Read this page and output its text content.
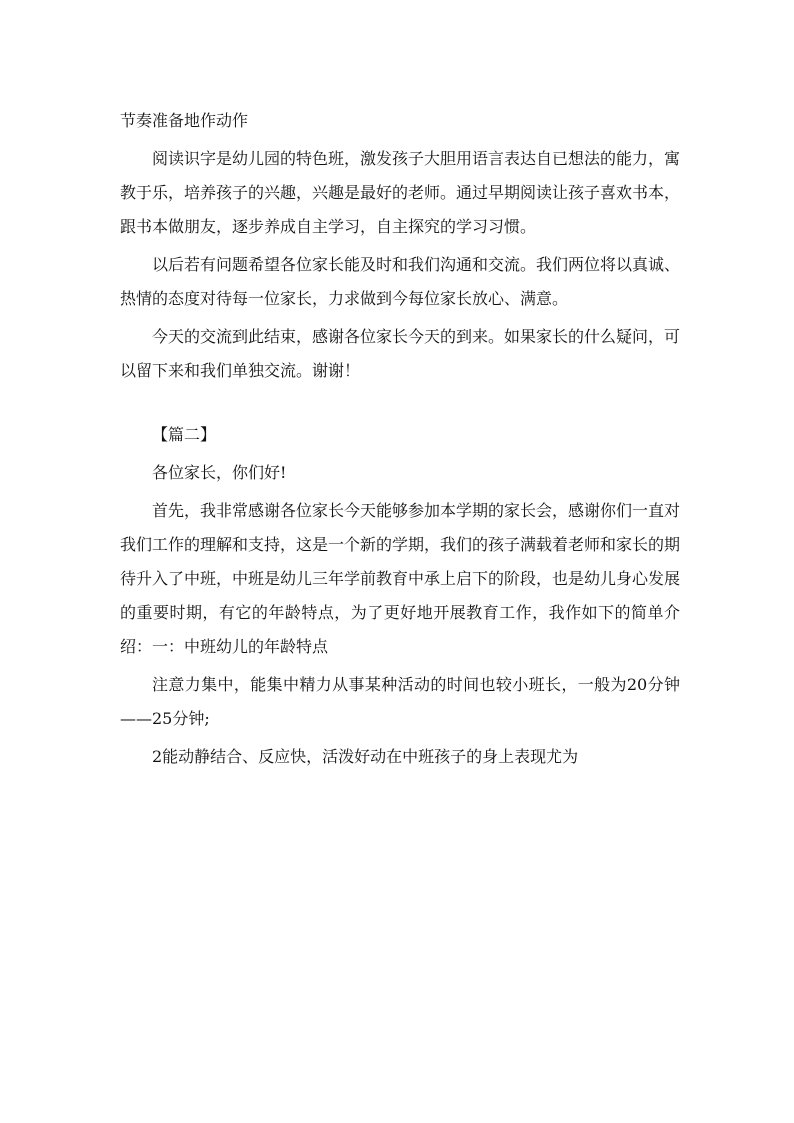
节奏准备地作动作

阅读识字是幼儿园的特色班，激发孩子大胆用语言表达自已想法的能力，寓教于乐，培养孩子的兴趣，兴趣是最好的老师。通过早期阅读让孩子喜欢书本，跟书本做朋友，逐步养成自主学习，自主探究的学习习惯。

以后若有问题希望各位家长能及时和我们沟通和交流。我们两位将以真诚、热情的态度对待每一位家长，力求做到今每位家长放心、满意。

今天的交流到此结束，感谢各位家长今天的到来。如果家长的什么疑问，可以留下来和我们单独交流。谢谢！

【篇二】

各位家长，你们好!

首先，我非常感谢各位家长今天能够参加本学期的家长会，感谢你们一直对我们工作的理解和支持，这是一个新的学期，我们的孩子满载着老师和家长的期待升入了中班，中班是幼儿三年学前教育中承上启下的阶段，也是幼儿身心发展的重要时期，有它的年龄特点，为了更好地开展教育工作，我作如下的简单介绍：一：中班幼儿的年龄特点

注意力集中，能集中精力从事某种活动的时间也较小班长，一般为20分钟——25分钟;

2能动静结合、反应快，活泼好动在中班孩子的身上表现尤为
